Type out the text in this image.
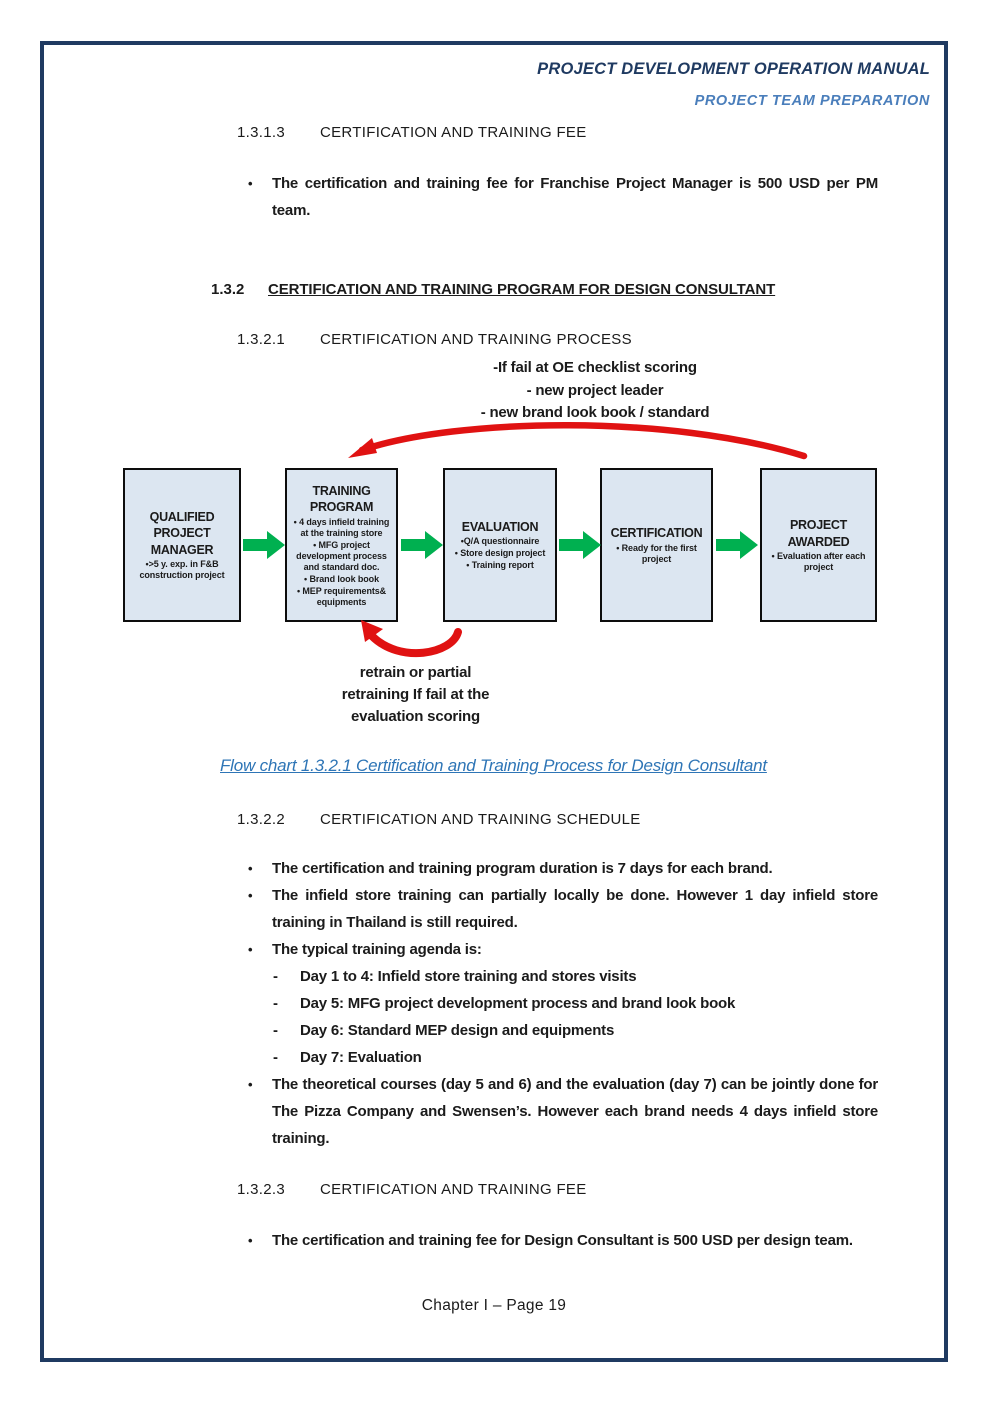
PROJECT DEVELOPMENT OPERATION MANUAL
PROJECT TEAM PREPARATION
1.3.1.3 CERTIFICATION AND TRAINING FEE
• The certification and training fee for Franchise Project Manager is 500 USD per PM team.
1.3.2 CERTIFICATION AND TRAINING PROGRAM FOR DESIGN CONSULTANT
1.3.2.1 CERTIFICATION AND TRAINING PROCESS
-If fail at OE checklist scoring
- new project leader
- new brand look book / standard
QUALIFIED PROJECT MANAGER
•>5 y. exp. in F&B construction project
TRAINING PROGRAM
• 4 days infield training at the training store
• MFG project development process and standard doc.
• Brand look book
• MEP requirements& equipments
EVALUATION
•Q/A questionnaire
• Store design project
• Training report
CERTIFICATION
• Ready for the first project
PROJECT AWARDED
• Evaluation after each project
retrain or partial
retraining If fail at the
evaluation scoring
Flow chart 1.3.2.1 Certification and Training Process for Design Consultant
1.3.2.2 CERTIFICATION AND TRAINING SCHEDULE
• The certification and training program duration is 7 days for each brand.
• The infield store training can partially locally be done. However 1 day infield store training in Thailand is still required.
• The typical training agenda is:
- Day 1 to 4: Infield store training and stores visits
- Day 5: MFG project development process and brand look book
- Day 6: Standard MEP design and equipments
- Day 7: Evaluation
• The theoretical courses (day 5 and 6) and the evaluation (day 7) can be jointly done for The Pizza Company and Swensen’s. However each brand needs 4 days infield store training.
1.3.2.3 CERTIFICATION AND TRAINING FEE
• The certification and training fee for Design Consultant is 500 USD per design team.
Chapter I – Page 19
